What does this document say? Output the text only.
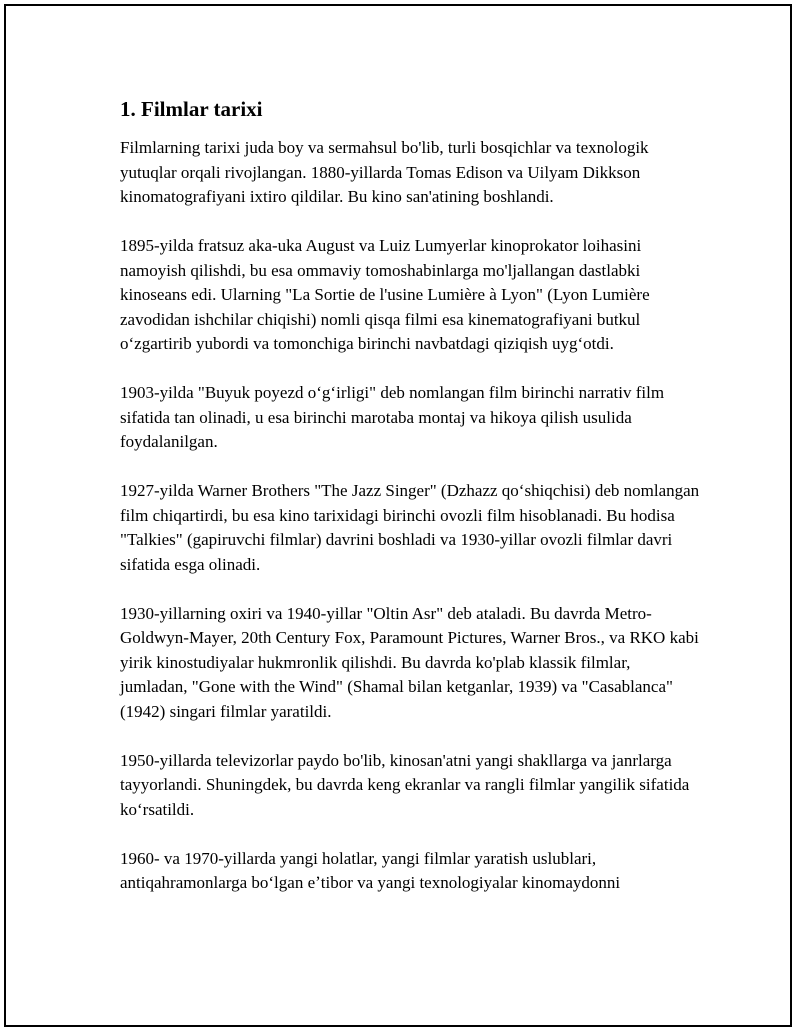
1. Filmlar tarixi

Filmlarning tarixi juda boy va sermahsul bo'lib, turli bosqichlar va texnologik yutuqlar orqali rivojlangan. 1880-yillarda Tomas Edison va Uilyam Dikkson kinomatografiyani ixtiro qildilar. Bu kino san'atining boshlandi.

1895-yilda fratsuz aka-uka August va Luiz Lumyerlar kinoprokator loihasini namoyish qilishdi, bu esa ommaviy tomoshabinlarga mo'ljallangan dastlabki kinoseans edi. Ularning "La Sortie de l'usine Lumière à Lyon" (Lyon Lumière zavodidan ishchilar chiqishi) nomli qisqa filmi esa kinematografiyani butkul oʻzgartirib yubordi va tomonchiga birinchi navbatdagi qiziqish uygʻotdi.

1903-yilda "Buyuk poyezd oʻgʻirligi" deb nomlangan film birinchi narrativ film sifatida tan olinadi, u esa birinchi marotaba montaj va hikoya qilish usulida foydalanilgan.

1927-yilda Warner Brothers "The Jazz Singer" (Dzhazz qoʻshiqchisi) deb nomlangan film chiqartirdi, bu esa kino tarixidagi birinchi ovozli film hisoblanadi. Bu hodisa "Talkies" (gapiruvchi filmlar) davrini boshladi va 1930-yillar ovozli filmlar davri sifatida esga olinadi.

1930-yillarning oxiri va 1940-yillar "Oltin Asr" deb ataladi. Bu davrda Metro-Goldwyn-Mayer, 20th Century Fox, Paramount Pictures, Warner Bros., va RKO kabi yirik kinostudiyalar hukmronlik qilishdi. Bu davrda ko'plab klassik filmlar, jumladan, "Gone with the Wind" (Shamal bilan ketganlar, 1939) va "Casablanca" (1942) singari filmlar yaratildi.

1950-yillarda televizorlar paydo bo'lib, kinosan'atni yangi shakllarga va janrlarga tayyorlandi. Shuningdek, bu davrda keng ekranlar va rangli filmlar yangilik sifatida koʻrsatildi.

1960- va 1970-yillarda yangi holatlar, yangi filmlar yaratish uslublari, antiqahramonlarga boʻlgan eʼtibor va yangi texnologiyalar kinomaydonni
